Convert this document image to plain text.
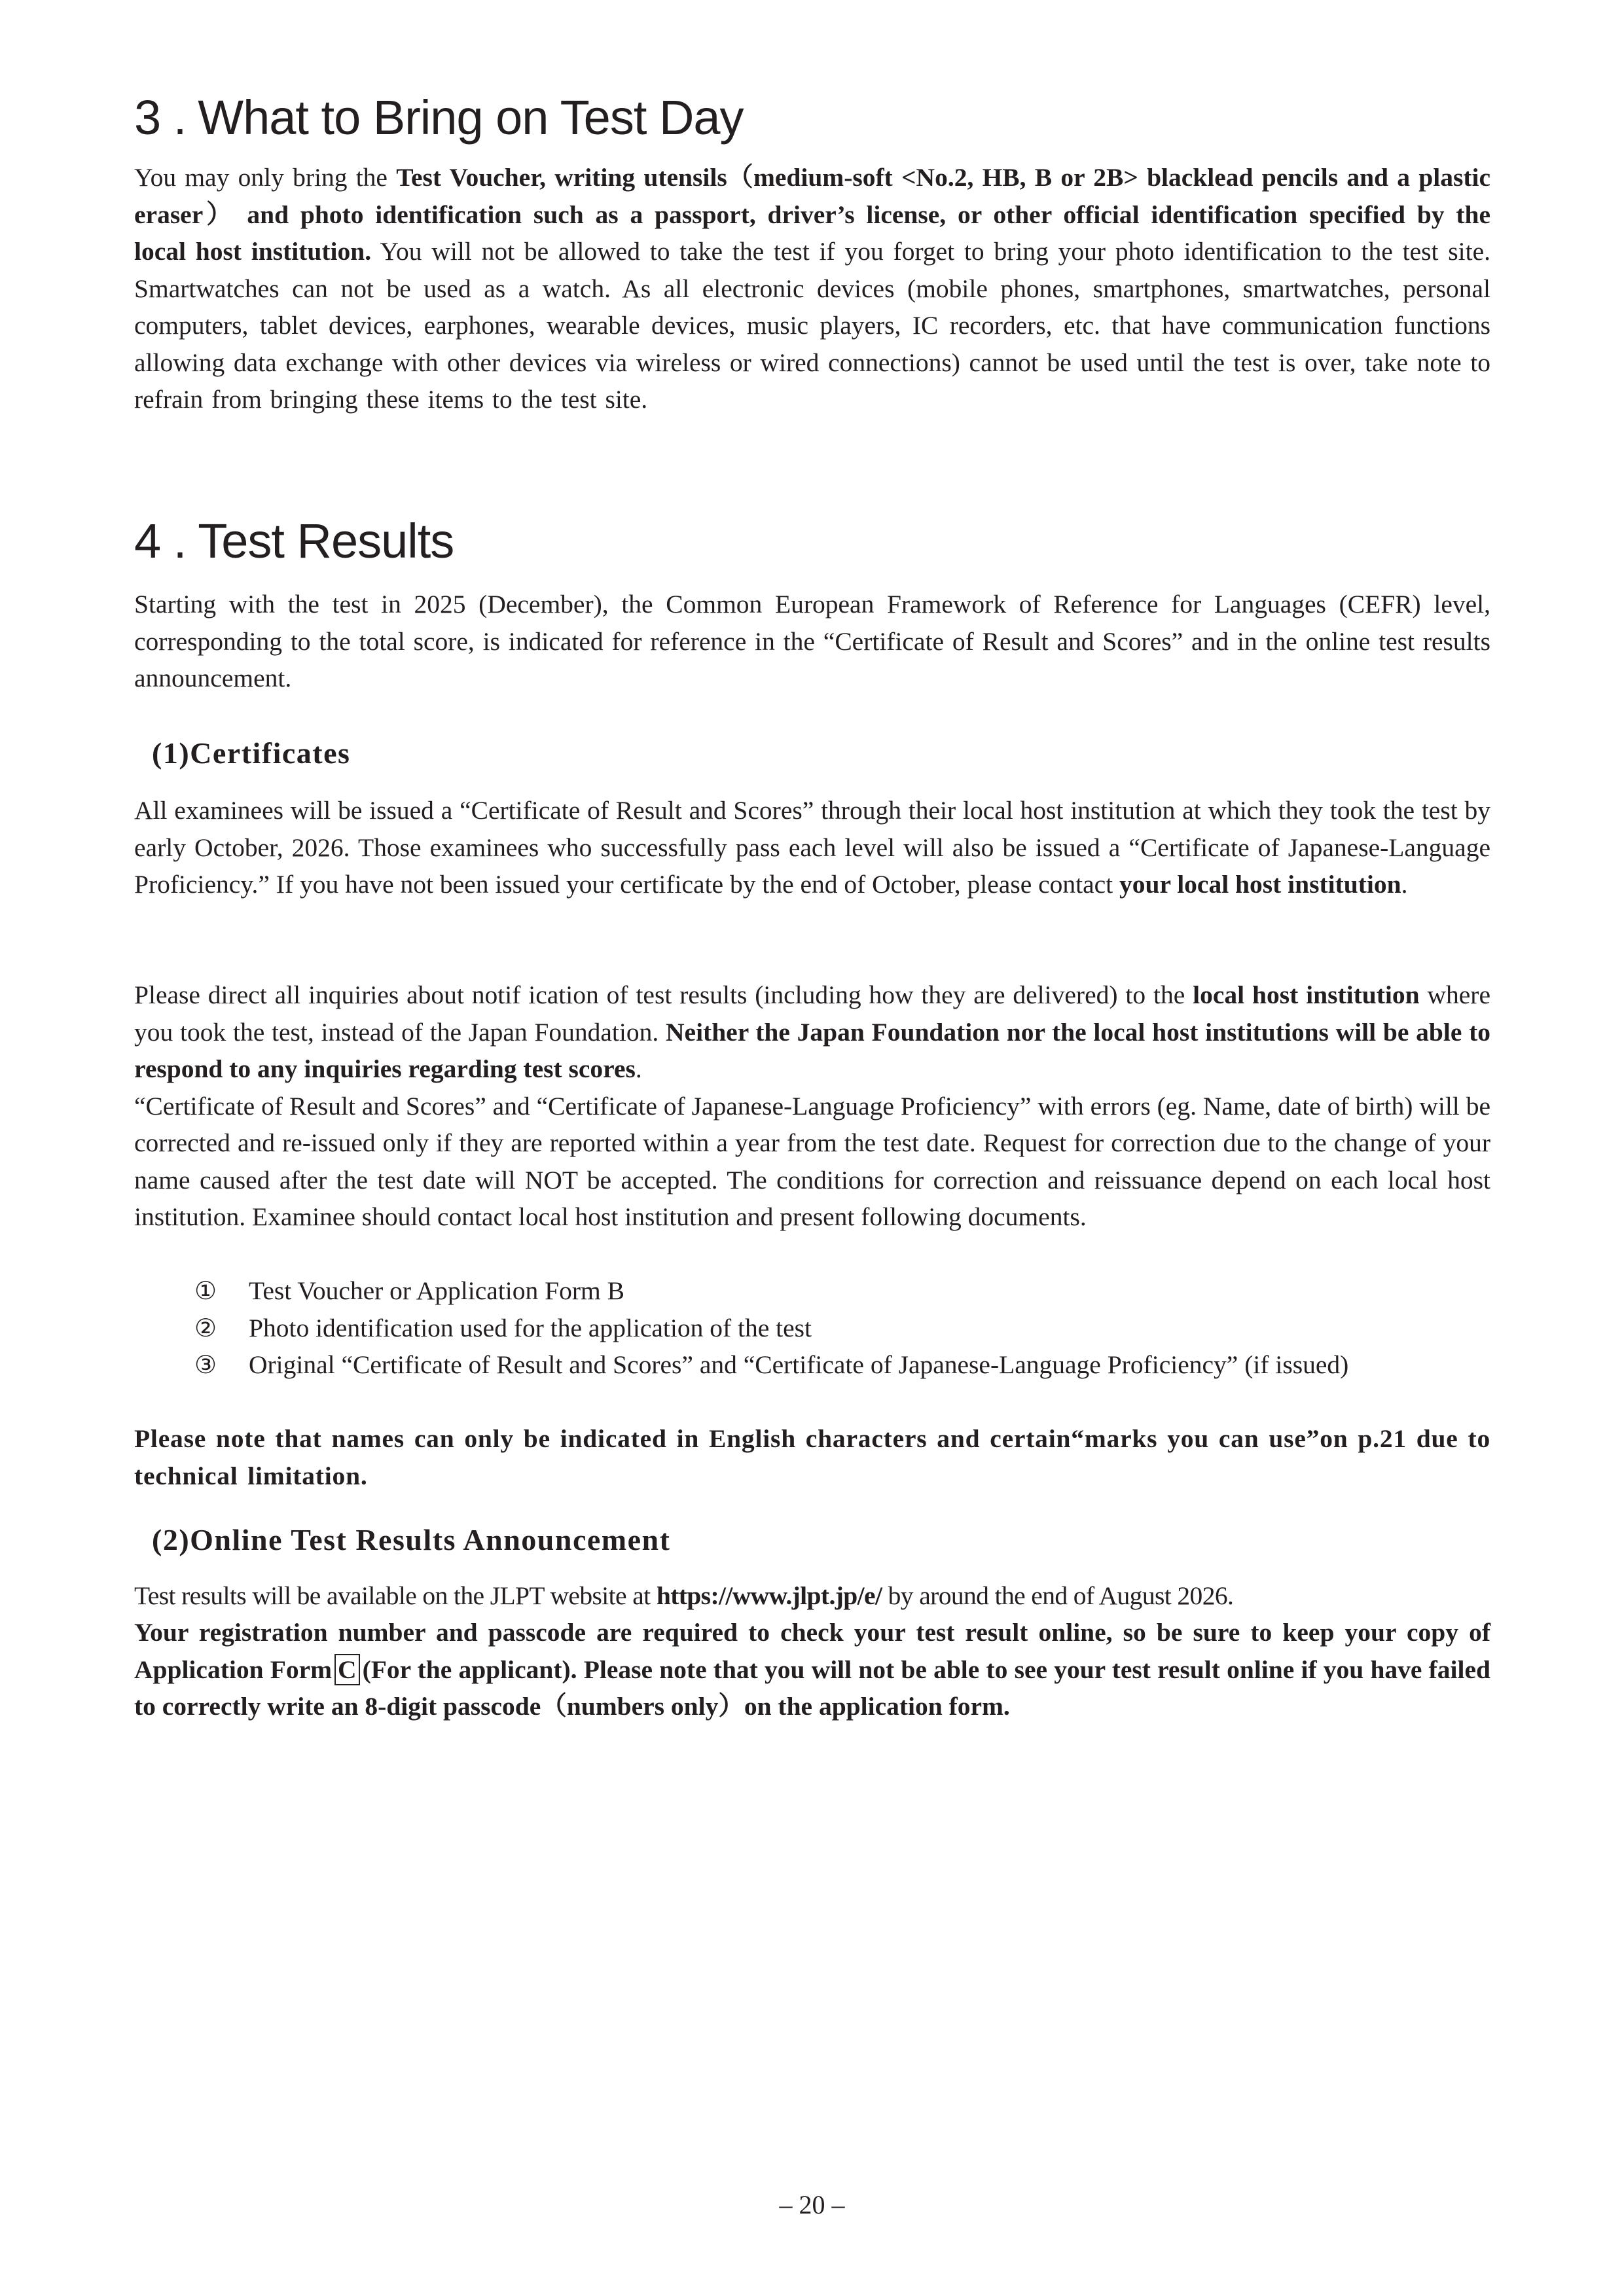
3 . What to Bring on Test Day

You may only bring the Test Voucher, writing utensils（medium-soft <No.2, HB, B or 2B> blacklead pencils and a plastic eraser） and photo identification such as a passport, driver’s license, or other official identification specified by the local host institution. You will not be allowed to take the test if you forget to bring your photo identification to the test site. Smartwatches can not be used as a watch. As all electronic devices (mobile phones, smartphones, smartwatches, personal computers, tablet devices, earphones, wearable devices, music players, IC recorders, etc. that have communication functions allowing data exchange with other devices via wireless or wired connections) cannot be used until the test is over, take note to refrain from bringing these items to the test site.

4 . Test Results

Starting with the test in 2025 (December), the Common European Framework of Reference for Languages (CEFR) level, corresponding to the total score, is indicated for reference in the “Certificate of Result and Scores” and in the online test results announcement.

(1)Certificates

All examinees will be issued a “Certificate of Result and Scores” through their local host institution at which they took the test by early October, 2026. Those examinees who successfully pass each level will also be issued a “Certificate of Japanese-Language Proficiency.” If you have not been issued your certificate by the end of October, please contact your local host institution.

Please direct all inquiries about notif ication of test results (including how they are delivered) to the local host institution where you took the test, instead of the Japan Foundation. Neither the Japan Foundation nor the local host institutions will be able to respond to any inquiries regarding test scores.
“Certificate of Result and Scores” and “Certificate of Japanese-Language Proficiency” with errors (eg. Name, date of birth) will be corrected and re-issued only if they are reported within a year from the test date. Request for correction due to the change of your name caused after the test date will NOT be accepted. The conditions for correction and reissuance depend on each local host institution. Examinee should contact local host institution and present following documents.

① Test Voucher or Application Form B
② Photo identification used for the application of the test
③ Original “Certificate of Result and Scores” and “Certificate of Japanese-Language Proficiency” (if issued)

Please note that names can only be indicated in English characters and certain“marks you can use”on p.21 due to technical limitation.

(2)Online Test Results Announcement

Test results will be available on the JLPT website at https://www.jlpt.jp/e/ by around the end of August 2026.

Your registration number and passcode are required to check your test result online, so be sure to keep your copy of Application Form C (For the applicant). Please note that you will not be able to see your test result online if you have failed to correctly write an 8-digit passcode（numbers only）on the application form.

– 20 –
